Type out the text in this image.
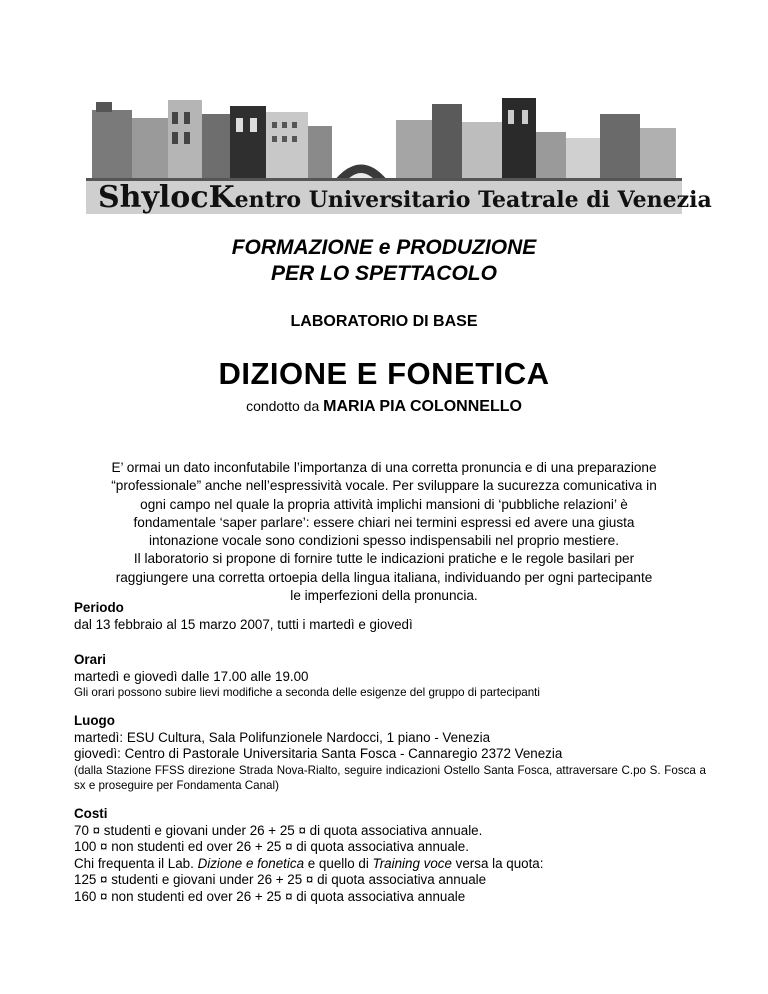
ShylocKentro Universitario Teatrale di Venezia
FORMAZIONE e PRODUZIONE
PER LO SPETTACOLO
LABORATORIO DI BASE
DIZIONE E FONETICA
condotto da MARIA PIA COLONNELLO
E’ ormai un dato inconfutabile l’importanza di una corretta pronuncia e di una preparazione
“professionale” anche nell’espressività vocale. Per sviluppare la sucurezza comunicativa in
ogni campo nel quale la propria attività implichi mansioni di ‘pubbliche relazioni’ è
fondamentale ‘saper parlare’: essere chiari nei termini espressi ed avere una giusta
intonazione vocale sono condizioni spesso indispensabili nel proprio mestiere.
Il laboratorio si propone di fornire tutte le indicazioni pratiche e le regole basilari per
raggiungere una corretta ortoepia della lingua italiana, individuando per ogni partecipante
le imperfezioni della pronuncia.
Periodo
dal 13 febbraio al 15 marzo 2007, tutti i martedì e giovedì
Orari
martedì e giovedì dalle 17.00 alle 19.00
Gli orari possono subire lievi modifiche a seconda delle esigenze del gruppo di partecipanti
Luogo
martedì: ESU Cultura, Sala Polifunzionele Nardocci, 1 piano - Venezia
giovedì: Centro di Pastorale Universitaria Santa Fosca - Cannaregio 2372 Venezia
(dalla Stazione FFSS direzione Strada Nova-Rialto, seguire indicazioni Ostello Santa Fosca, attraversare C.po S. Fosca a sx e proseguire per Fondamenta Canal)
Costi
70 ¤ studenti e giovani under 26 + 25 ¤ di quota associativa annuale.
100 ¤ non studenti ed over 26 + 25 ¤ di quota associativa annuale.
Chi frequenta il Lab. Dizione e fonetica e quello di Training voce versa la quota:
125 ¤ studenti e giovani under 26 + 25 ¤ di quota associativa annuale
160 ¤ non studenti ed over 26 + 25 ¤ di quota associativa annuale
